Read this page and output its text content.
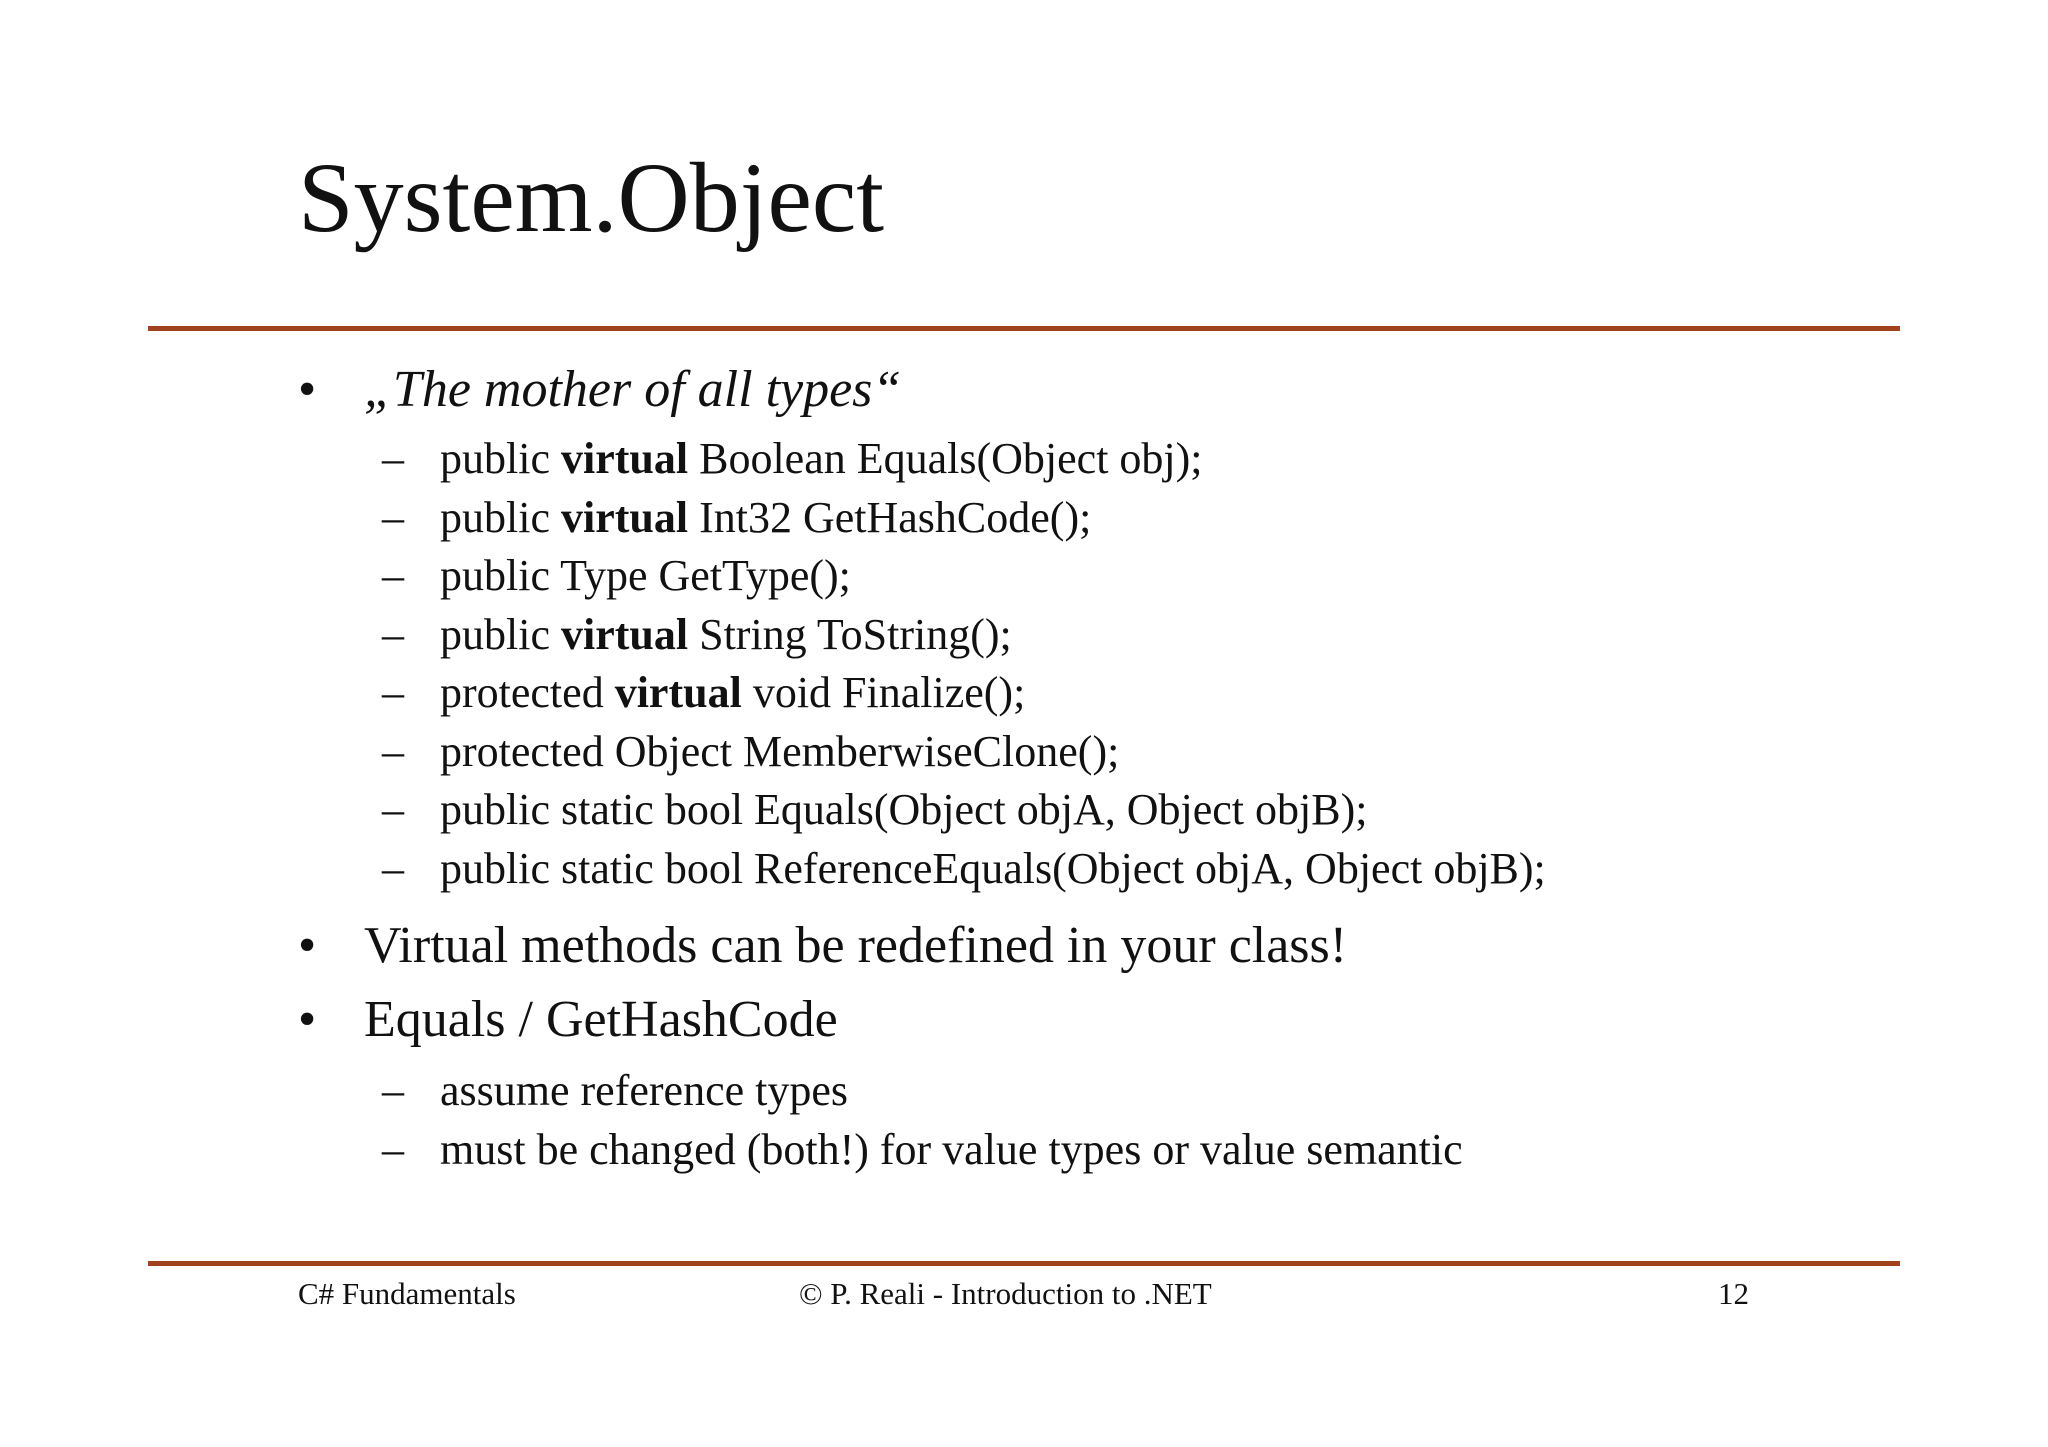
System.Object
• „The mother of all types“
– public virtual Boolean Equals(Object obj);
– public virtual Int32 GetHashCode();
– public Type GetType();
– public virtual String ToString();
– protected virtual void Finalize();
– protected Object MemberwiseClone();
– public static bool Equals(Object objA, Object objB);
– public static bool ReferenceEquals(Object objA, Object objB);
• Virtual methods can be redefined in your class!
• Equals / GetHashCode
– assume reference types
– must be changed (both!) for value types or value semantic
C# Fundamentals	© P. Reali - Introduction to .NET	12
